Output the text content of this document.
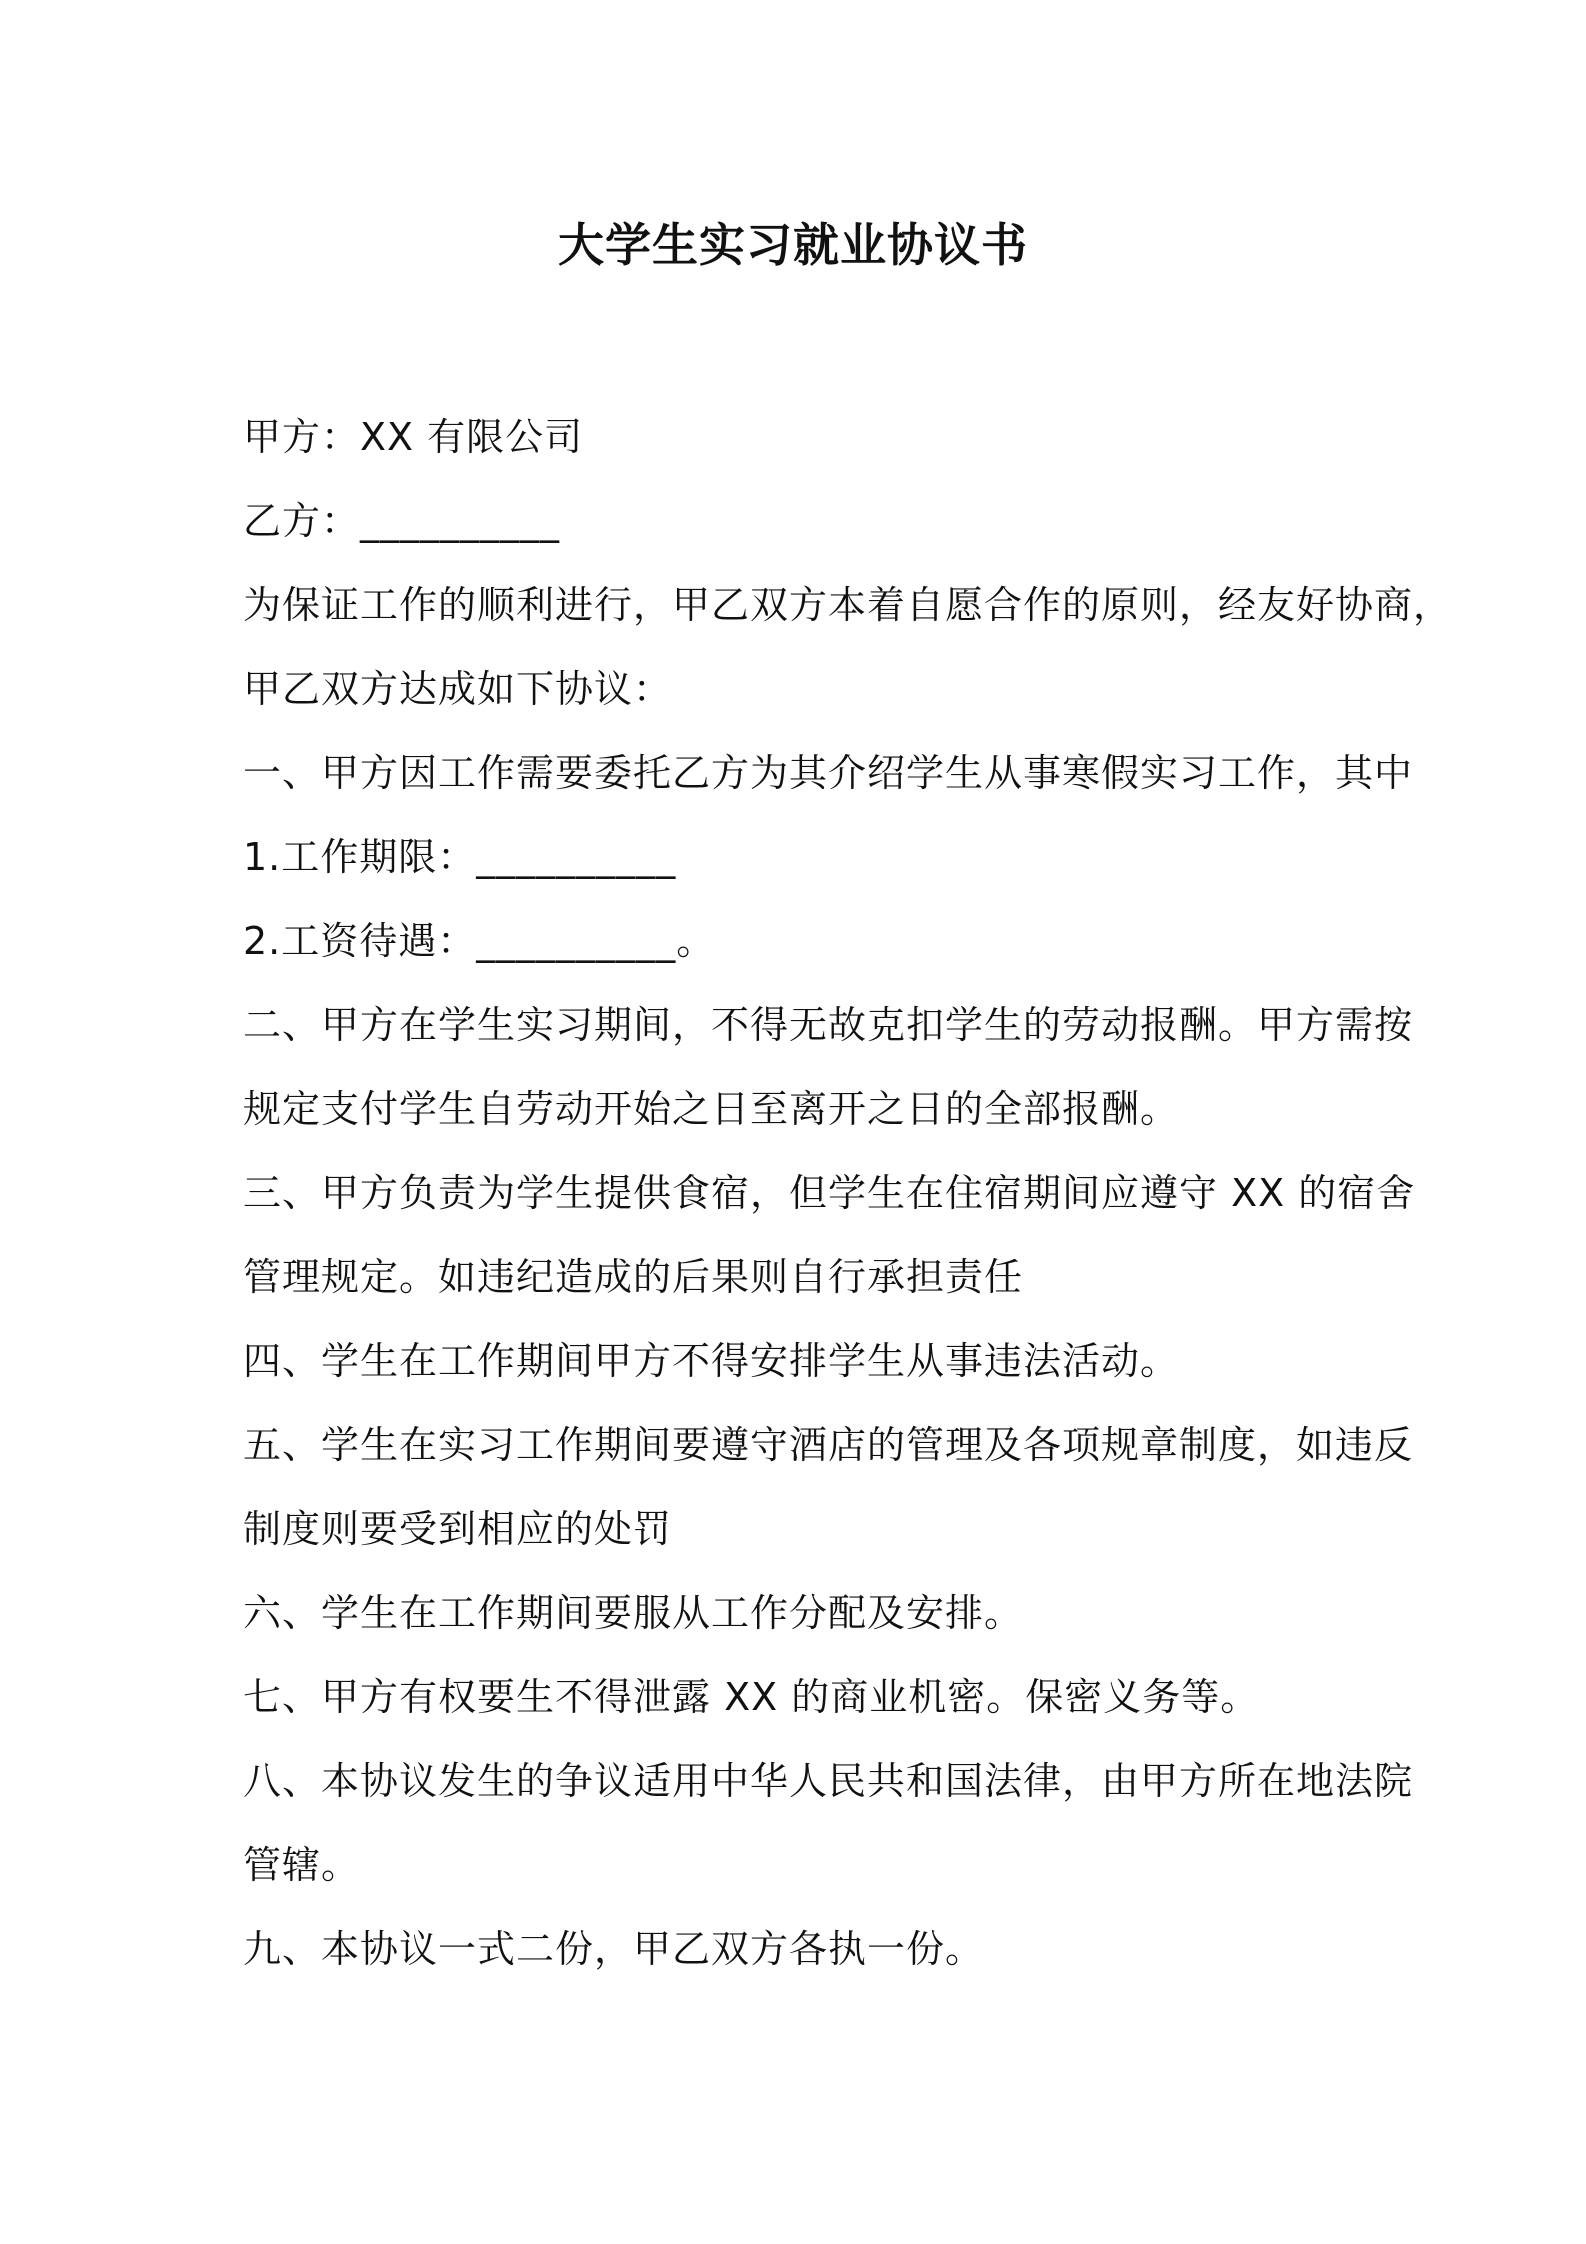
大学生实习就业协议书
甲方：XX 有限公司
乙方：__________
为保证工作的顺利进行，甲乙双方本着自愿合作的原则，经友好协商，
甲乙双方达成如下协议：
一、甲方因工作需要委托乙方为其介绍学生从事寒假实习工作，其中
1.工作期限：__________
2.工资待遇：__________。
二、甲方在学生实习期间，不得无故克扣学生的劳动报酬。甲方需按
规定支付学生自劳动开始之日至离开之日的全部报酬。
三、甲方负责为学生提供食宿，但学生在住宿期间应遵守 XX 的宿舍
管理规定。如违纪造成的后果则自行承担责任
四、学生在工作期间甲方不得安排学生从事违法活动。
五、学生在实习工作期间要遵守酒店的管理及各项规章制度，如违反
制度则要受到相应的处罚
六、学生在工作期间要服从工作分配及安排。
七、甲方有权要生不得泄露 XX 的商业机密。保密义务等。
八、本协议发生的争议适用中华人民共和国法律，由甲方所在地法院
管辖。
九、本协议一式二份，甲乙双方各执一份。
